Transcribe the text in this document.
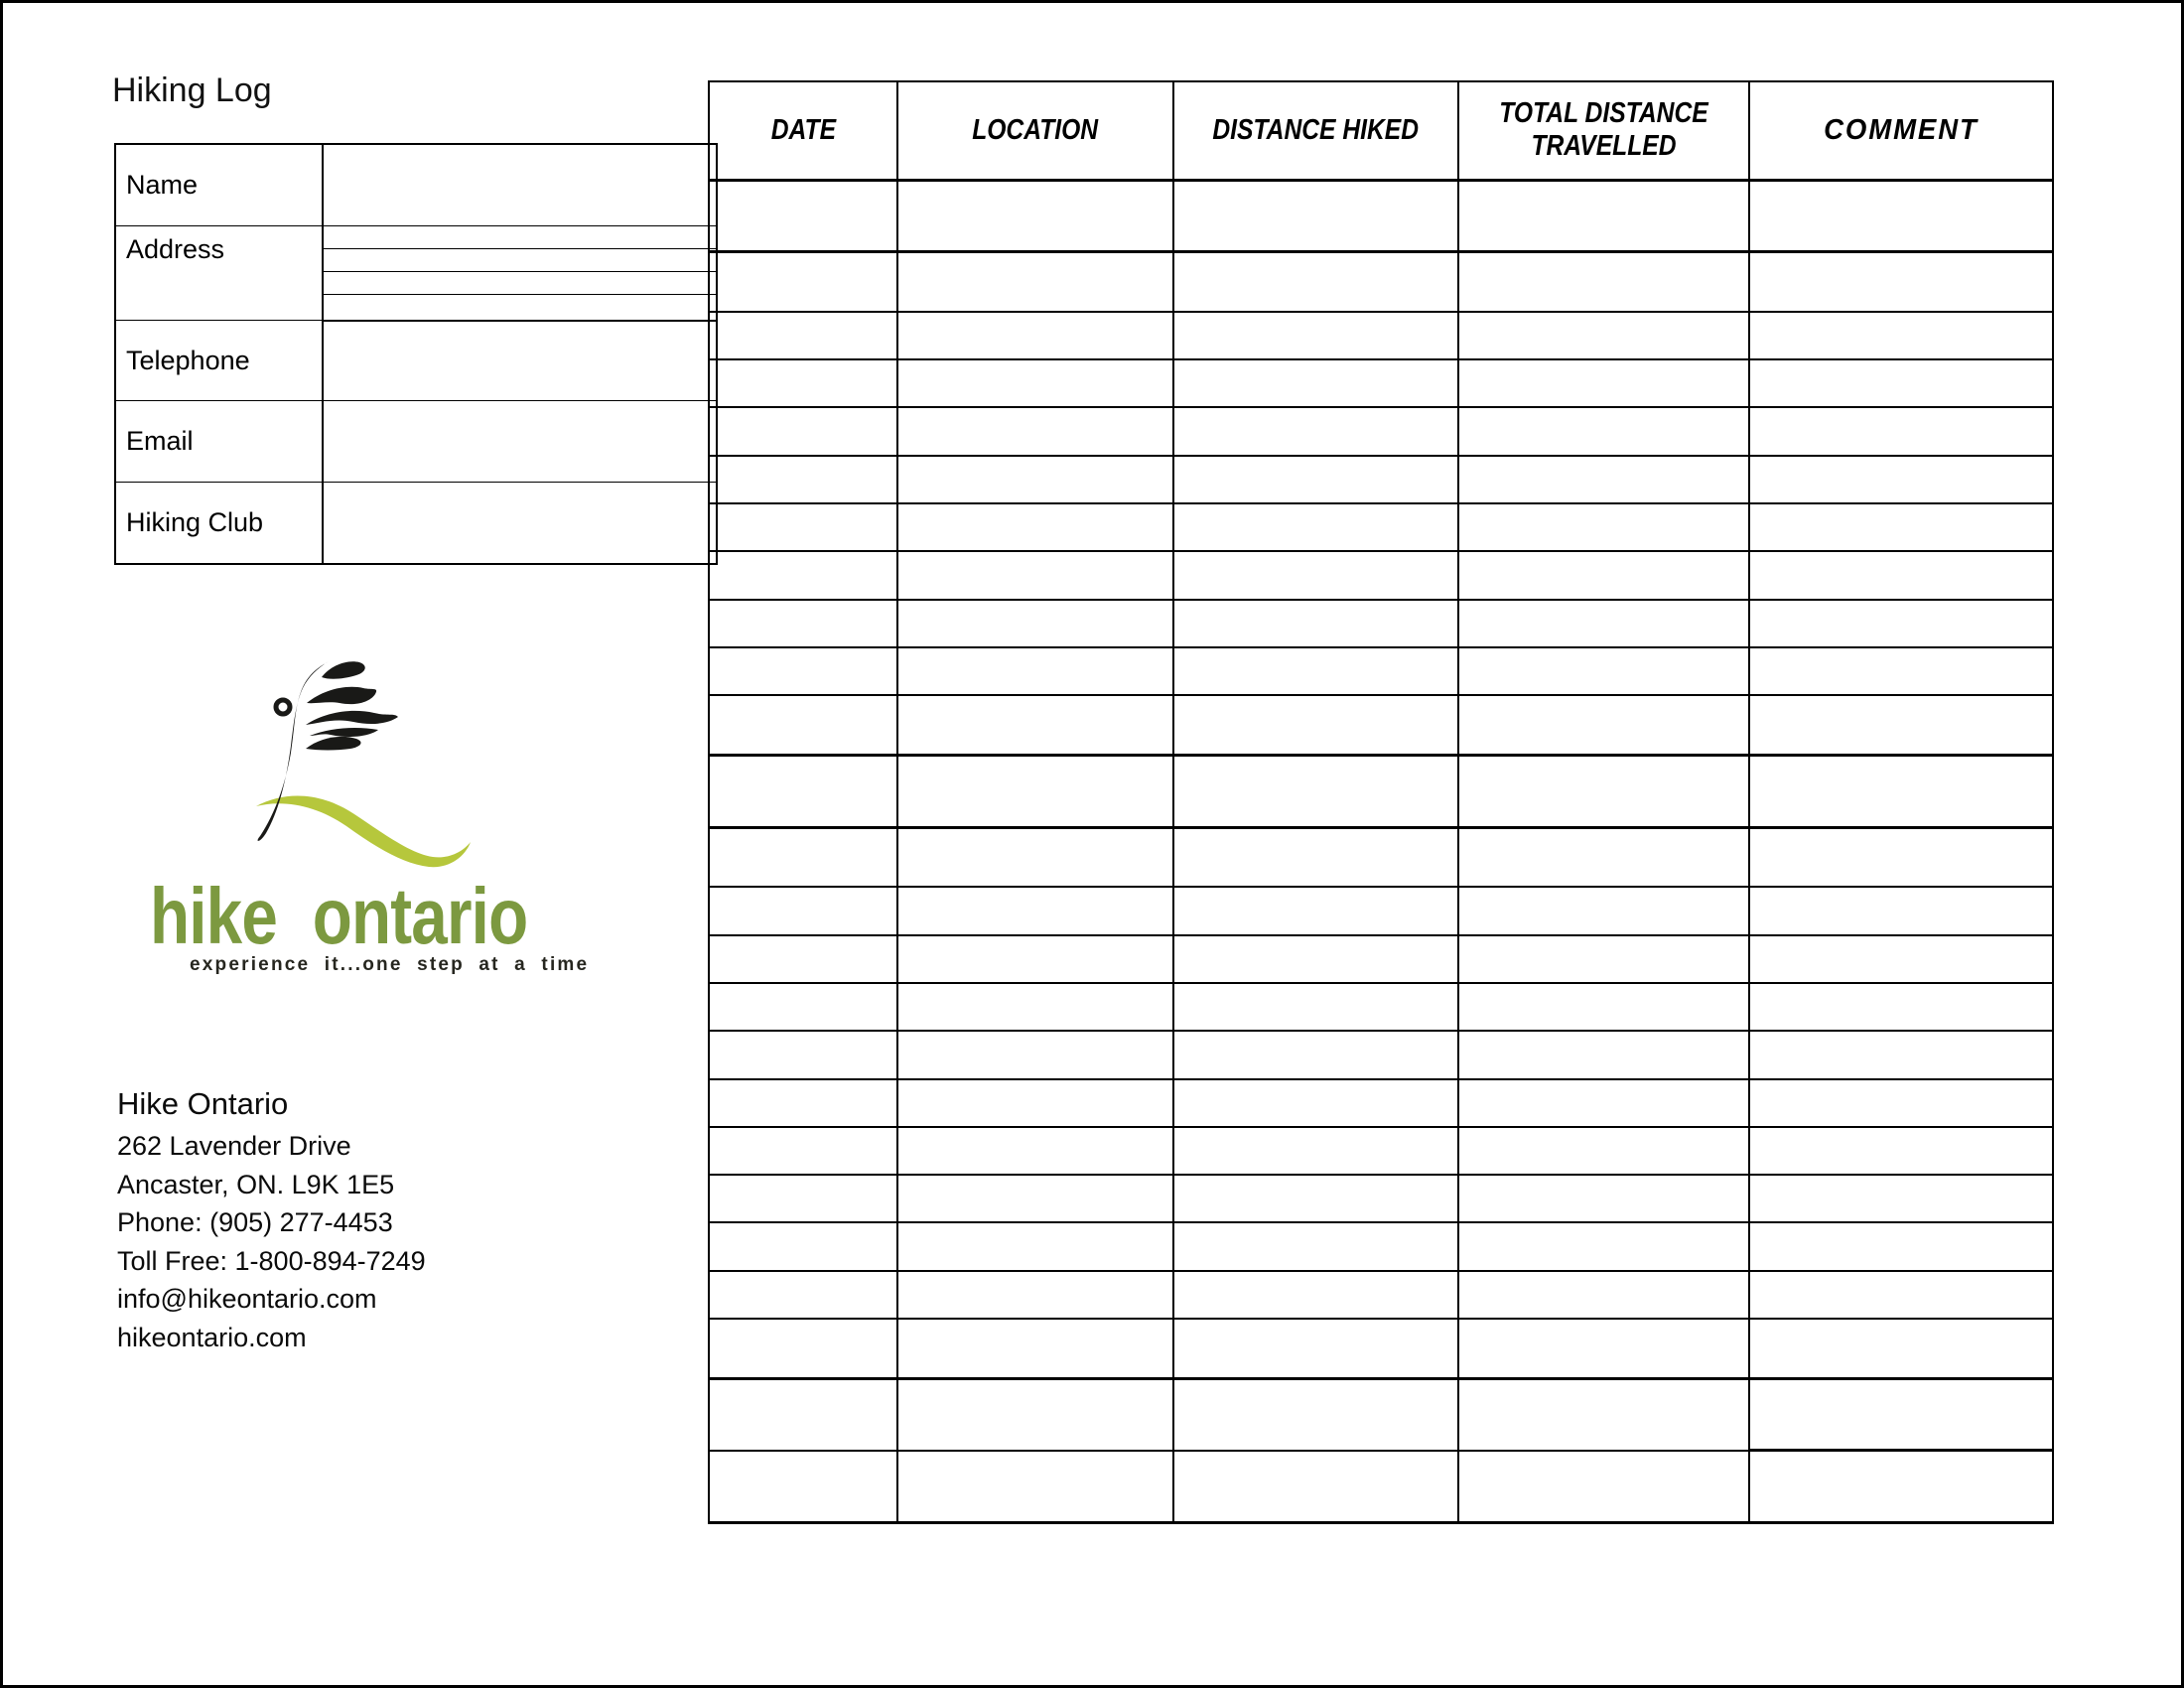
Hiking Log
Name	
Address	

Telephone	
Email	
Hiking Club	
hike ontario
experience it...one step at a time
Hike Ontario
262 Lavender Drive
Ancaster, ON. L9K 1E5
Phone: (905) 277-4453
Toll Free: 1-800-894-7249
info@hikeontario.com
hikeontario.com
DATE	LOCATION	DISTANCE HIKED	TOTAL DISTANCE TRAVELLED	COMMENT
